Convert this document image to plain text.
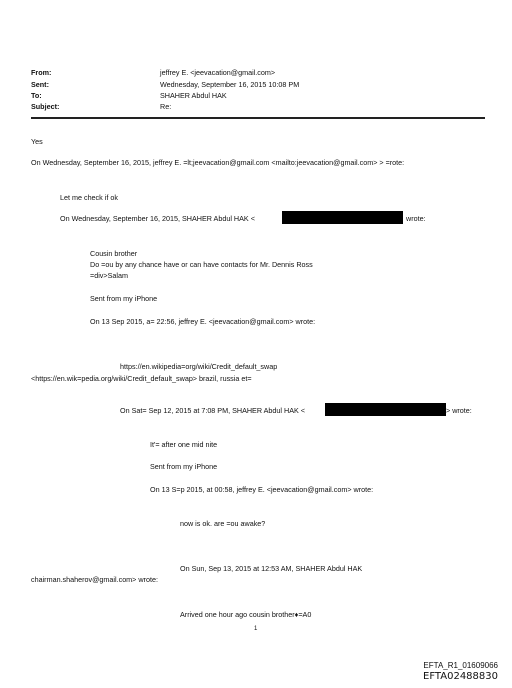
From:	jeffrey E. <jeevacation@gmail.com>
Sent:	Wednesday, September 16, 2015 10:08 PM
To:	SHAHER Abdul HAK
Subject:	Re:
Yes
On Wednesday, September 16, 2015, jeffrey E. =lt;jeevacation@gmail.com <mailto:jeevacation@gmail.com> > =rote:
Let me check if ok
On Wednesday, September 16, 2015, SHAHER Abdul HAK <	wrote:
Cousin brother
Do =ou by any chance have or can have contacts for Mr. Dennis Ross
=div>Salam
Sent from my iPhone
On 13 Sep 2015, a= 22:56, jeffrey E. <jeevacation@gmail.com> wrote:
https://en.wikipedia=org/wiki/Credit_default_swap
<https://en.wik=pedia.org/wiki/Credit_default_swap> brazil, russia et=
On Sat= Sep 12, 2015 at 7:08 PM, SHAHER Abdul HAK <	> wrote:
It'= after one mid nite
Sent from my iPhone
On 13 S=p 2015, at 00:58, jeffrey E. <jeevacation@gmail.com> wrote:
now is ok. are =ou awake?
On Sun, Sep 13, 2015 at 12:53 AM, SHAHER Abdul HAK
chairman.shaherov@gmail.com> wrote:
Arrived one hour ago cousin brother♦=A0
1
EFTA_R1_01609066
EFTA02488830
